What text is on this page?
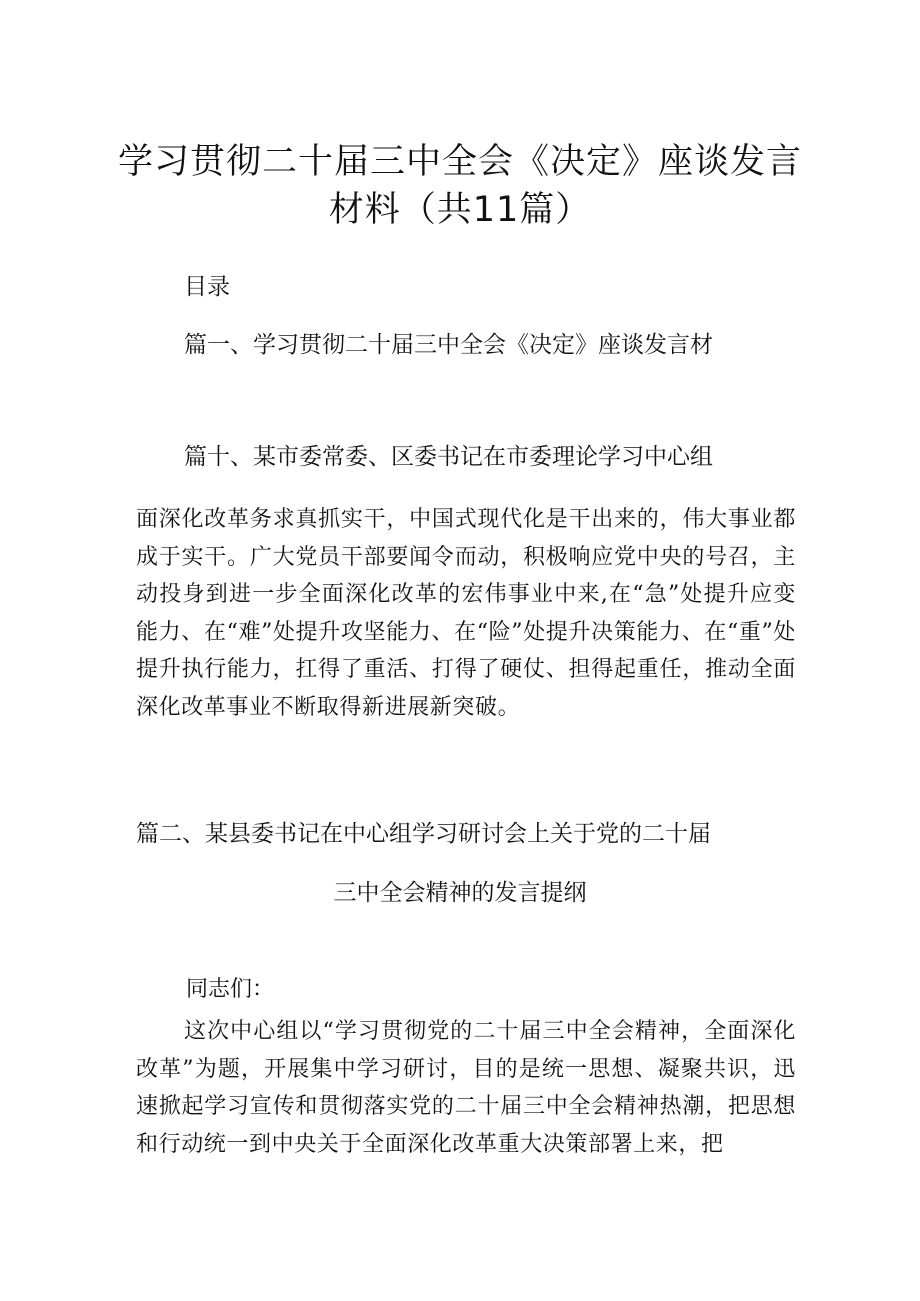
学习贯彻二十届三中全会《决定》座谈发言
材料（共11篇）

目录

篇一、学习贯彻二十届三中全会《决定》座谈发言材

篇十、某市委常委、区委书记在市委理论学习中心组

面深化改革务求真抓实干，中国式现代化是干出来的，伟大事业都成于实干。广大党员干部要闻令而动，积极响应党中央的号召，主动投身到进一步全面深化改革的宏伟事业中来,在“急”处提升应变能力、在“难”处提升攻坚能力、在“险”处提升决策能力、在“重”处提升执行能力，扛得了重活、打得了硬仗、担得起重任，推动全面深化改革事业不断取得新进展新突破。

篇二、某县委书记在中心组学习研讨会上关于党的二十届

三中全会精神的发言提纲

同志们：

这次中心组以“学习贯彻党的二十届三中全会精神，全面深化改革”为题，开展集中学习研讨，目的是统一思想、凝聚共识，迅速掀起学习宣传和贯彻落实党的二十届三中全会精神热潮，把思想和行动统一到中央关于全面深化改革重大决策部署上来，把
